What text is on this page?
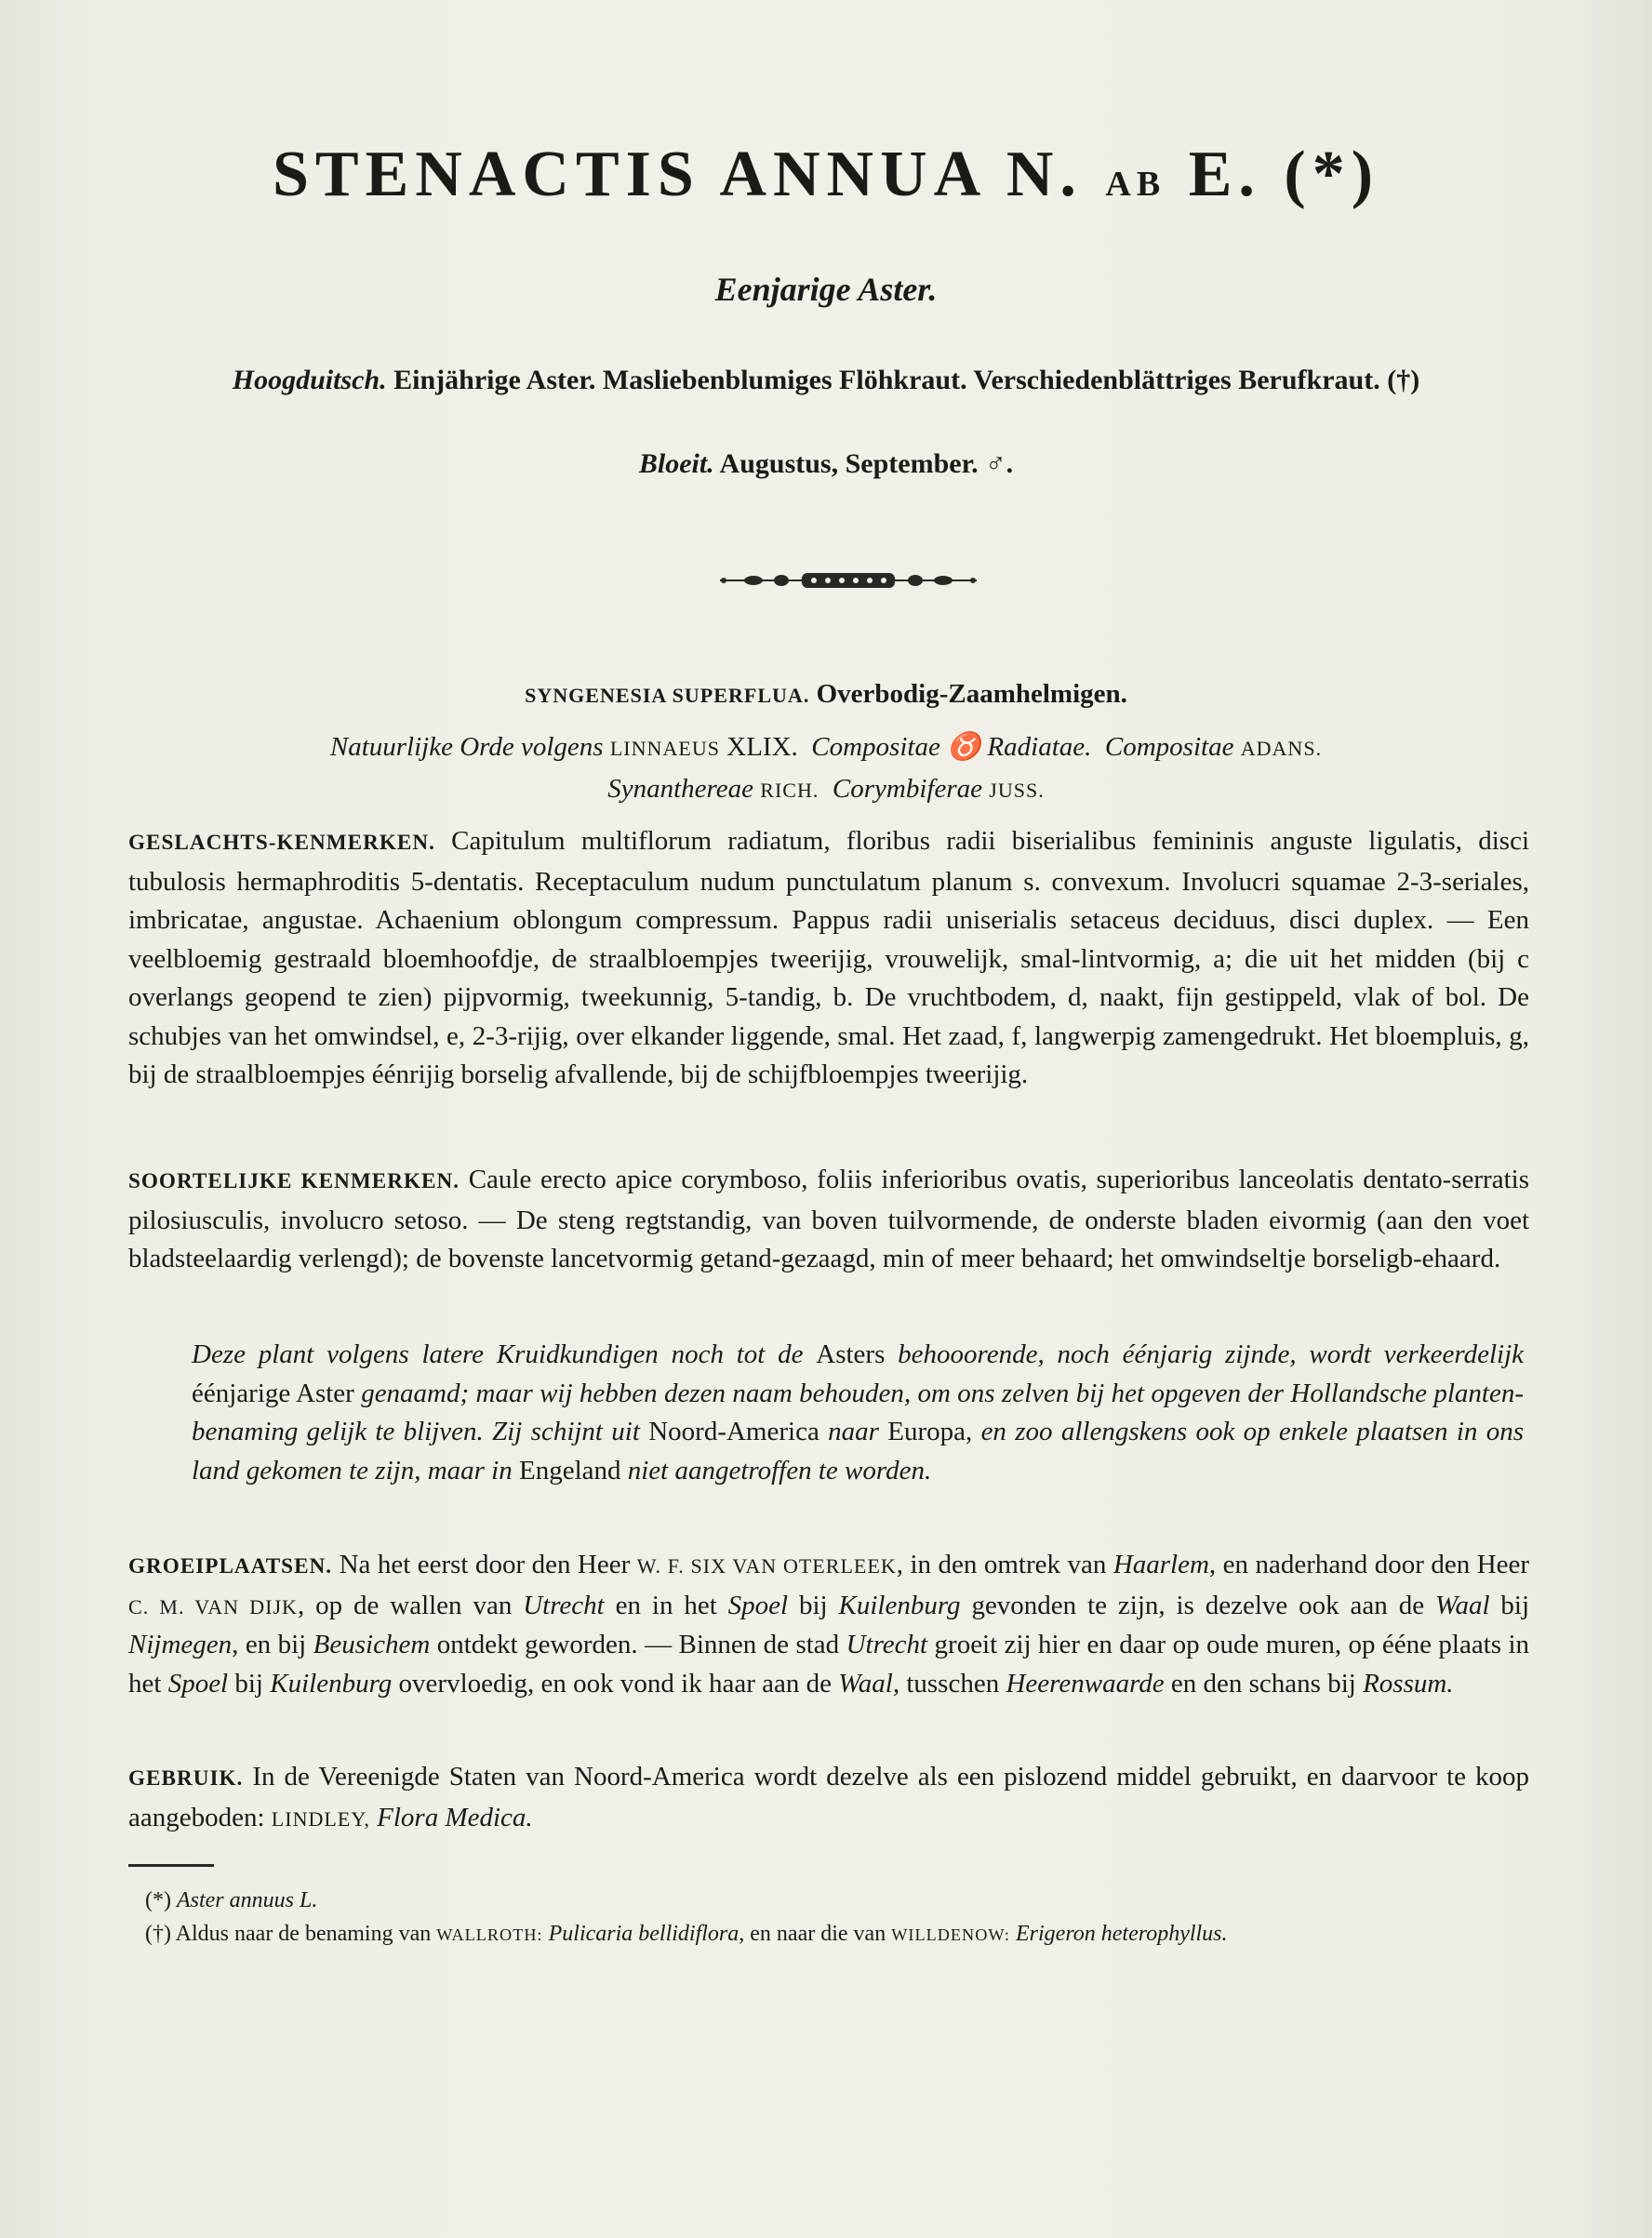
STENACTIS ANNUA N. AB E. (*)
Eenjarige Aster.
Hoogduitsch. Einjährige Aster. Masliebenblumiges Flöhkraut. Verschiedenblättriges Berufkraut. (†)
Bloeit. Augustus, September. ♂.
SYNGENESIA SUPERFLUA. Overbodig-Zaamhelmigen.
Natuurlijke Orde volgens LINNAEUS XLIX. Compositae ♉ Radiatae. Compositae ADANS.
Synanthereae RICH. Corymbiferae JUSS.

GESLACHTS-KENMERKEN. Capitulum multiflorum radiatum, floribus radii biserialibus femininis anguste ligulatis, disci tubulosis hermaphroditis 5-dentatis. Receptaculum nudum punctulatum planum s. convexum. Involucri squamae 2-3-seriales, imbricatae, angustae. Achaenium oblongum compressum. Pappus radii uniserialis setaceus deciduus, disci duplex. — Een veelbloemig gestraald bloemhoofdje, de straalbloempjes tweerijig, vrouwelijk, smal-lintvormig, a; die uit het midden (bij c overlangs geopend te zien) pijpvormig, tweekunnig, 5-tandig, b. De vruchtbodem, d, naakt, fijn gestippeld, vlak of bol. De schubjes van het omwindsel, e, 2-3-rijig, over elkander liggende, smal. Het zaad, f, langwerpig zamengedrukt. Het bloempluis, g, bij de straalbloempjes éénrijig borselig afvallende, bij de schijfbloempjes tweerijig.

SOORTELIJKE KENMERKEN. Caule erecto apice corymboso, foliis inferioribus ovatis, superioribus lanceolatis dentato-serratis pilosiusculis, involucro setoso. — De steng regtstandig, van boven tuilvormende, de onderste bladen eivormig (aan den voet bladsteelaardig verlengd); de bovenste lancetvormig getand-gezaagd, min of meer behaard; het omwindseltje borseligb-ehaard.

Deze plant volgens latere Kruidkundigen noch tot de Asters behooorende, noch éénjarig zijnde, wordt verkeerdelijk éénjarige Aster genaamd; maar wij hebben dezen naam behouden, om ons zelven bij het opgeven der Hollandsche planten-benaming gelijk te blijven. Zij schijnt uit Noord-America naar Europa, en zoo allengskens ook op enkele plaatsen in ons land gekomen te zijn, maar in Engeland niet aangetroffen te worden.

GROEIPLAATSEN. Na het eerst door den Heer W. F. SIX VAN OTERLEEK, in den omtrek van Haarlem, en naderhand door den Heer C. M. VAN DIJK, op de wallen van Utrecht en in het Spoel bij Kuilenburg gevonden te zijn, is dezelve ook aan de Waal bij Nijmegen, en bij Beusichem ontdekt geworden. — Binnen de stad Utrecht groeit zij hier en daar op oude muren, op ééne plaats in het Spoel bij Kuilenburg overvloedig, en ook vond ik haar aan de Waal, tusschen Heerenwaarde en den schans bij Rossum.

GEBRUIK. In de Vereenigde Staten van Noord-America wordt dezelve als een pislozend middel gebruikt, en daarvoor te koop aangeboden: LINDLEY, Flora Medica.

(*) Aster annuus L.

(†) Aldus naar de benaming van WALLROTH: Pulicaria bellidiflora, en naar die van WILLDENOW: Erigeron heterophyllus.
